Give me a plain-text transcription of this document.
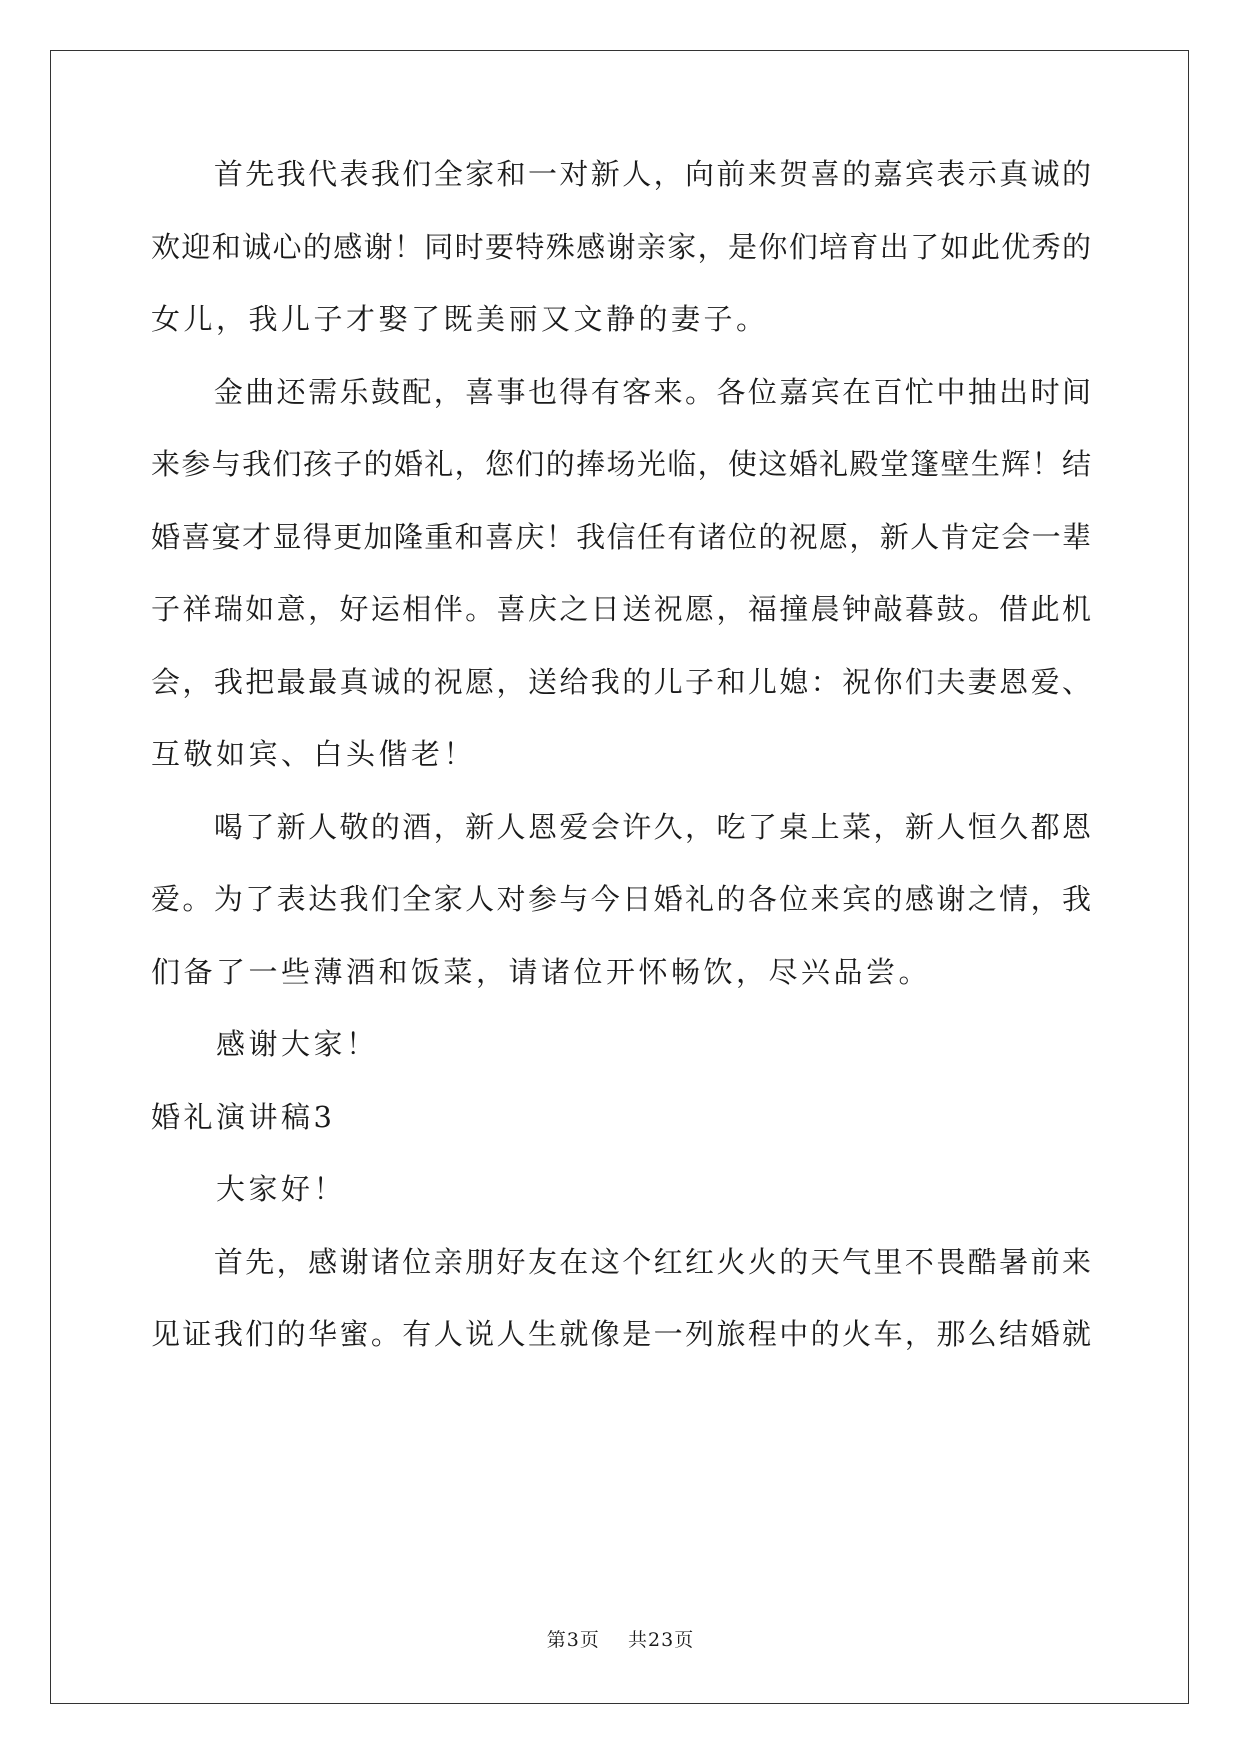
　　首先我代表我们全家和一对新人，向前来贺喜的嘉宾表示真诚的
欢迎和诚心的感谢！同时要特殊感谢亲家，是你们培育出了如此优秀的
女儿，我儿子才娶了既美丽又文静的妻子。
　　金曲还需乐鼓配，喜事也得有客来。各位嘉宾在百忙中抽出时间
来参与我们孩子的婚礼，您们的捧场光临，使这婚礼殿堂篷壁生辉！结
婚喜宴才显得更加隆重和喜庆！我信任有诸位的祝愿，新人肯定会一辈
子祥瑞如意，好运相伴。喜庆之日送祝愿，福撞晨钟敲暮鼓。借此机
会，我把最最真诚的祝愿，送给我的儿子和儿媳：祝你们夫妻恩爱、
互敬如宾、白头偕老！
　　喝了新人敬的酒，新人恩爱会许久，吃了桌上菜，新人恒久都恩
爱。为了表达我们全家人对参与今日婚礼的各位来宾的感谢之情，我
们备了一些薄酒和饭菜，请诸位开怀畅饮，尽兴品尝。
　　感谢大家！
婚礼演讲稿3
　　大家好！
　　首先，感谢诸位亲朋好友在这个红红火火的天气里不畏酷暑前来
见证我们的华蜜。有人说人生就像是一列旅程中的火车，那么结婚就
第3页 共23页
